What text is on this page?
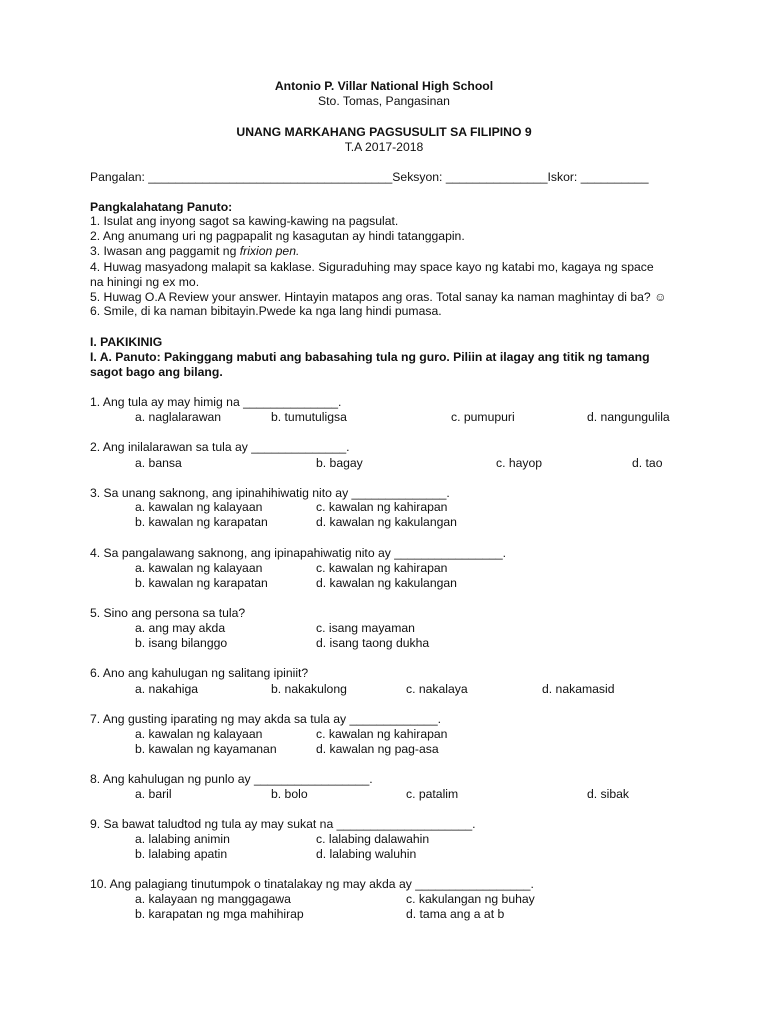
Antonio P. Villar National High School
Sto. Tomas, Pangasinan
UNANG MARKAHANG PAGSUSULIT SA FILIPINO 9
T.A 2017-2018
Pangalan: ____________________________________Seksyon: _______________Iskor: __________
Pangkalahatang Panuto:
1. Isulat ang inyong sagot sa kawing-kawing na pagsulat.
2. Ang anumang uri ng pagpapalit ng kasagutan ay hindi tatanggapin.
3. Iwasan ang paggamit ng frixion pen.
4. Huwag masyadong malapit sa kaklase. Siguraduhing may space kayo ng katabi mo, kagaya ng space
na hiningi ng ex mo.
5. Huwag O.A Review your answer. Hintayin matapos ang oras. Total sanay ka naman maghintay di ba? ☺
6. Smile, di ka naman bibitayin.Pwede ka nga lang hindi pumasa.
I. PAKIKINIG
I. A. Panuto: Pakinggang mabuti ang babasahing tula ng guro. Piliin at ilagay ang titik ng tamang
sagot bago ang bilang.
1. Ang tula ay may himig na ______________.
a. naglalarawan	b. tumutuligsa	c. pumupuri	d. nangungulila
2. Ang inilalarawan sa tula ay ______________.
a. bansa	b. bagay	c. hayop	d. tao
3. Sa unang saknong, ang ipinahihiwatig nito ay ______________.
a. kawalan ng kalayaan	c. kawalan ng kahirapan
b. kawalan ng karapatan	d. kawalan ng kakulangan
4. Sa pangalawang saknong, ang ipinapahiwatig nito ay ________________.
a. kawalan ng kalayaan	c. kawalan ng kahirapan
b. kawalan ng karapatan	d. kawalan ng kakulangan
5. Sino ang persona sa tula?
a. ang may akda	c. isang mayaman
b. isang bilanggo	d. isang taong dukha
6. Ano ang kahulugan ng salitang ipiniit?
a. nakahiga	b. nakakulong	c. nakalaya	d. nakamasid
7. Ang gusting iparating ng may akda sa tula ay _____________.
a. kawalan ng kalayaan	c. kawalan ng kahirapan
b. kawalan ng kayamanan	d. kawalan ng pag-asa
8. Ang kahulugan ng punlo ay _________________.
a. baril	b. bolo	c. patalim	d. sibak
9. Sa bawat taludtod ng tula ay may sukat na ____________________.
a. lalabing animin	c. lalabing dalawahin
b. lalabing apatin	d. lalabing waluhin
10. Ang palagiang tinutumpok o tinatalakay ng may akda ay _________________.
a. kalayaan ng manggagawa	c. kakulangan ng buhay
b. karapatan ng mga mahihirap	d. tama ang a at b
